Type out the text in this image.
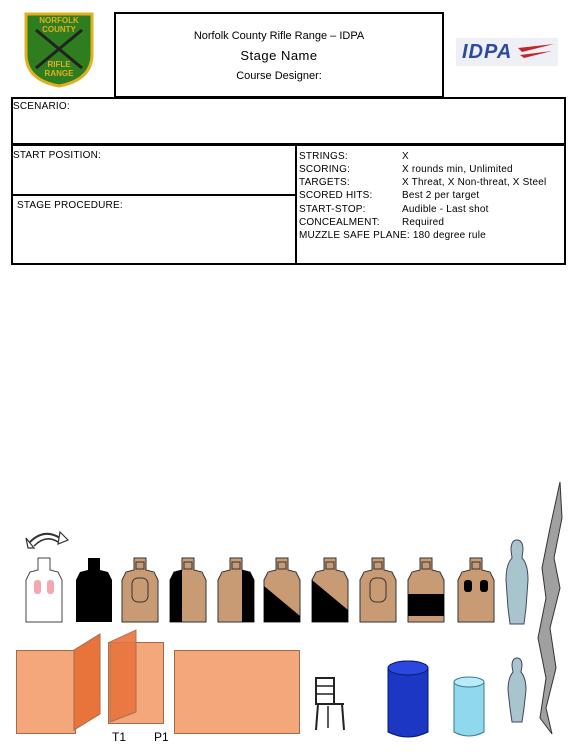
NORFOLK
COUNTY
RIFLE
RANGE
Norfolk County Rifle Range – IDPA
Stage Name
Course Designer:
IDPA
SCENARIO:
START POSITION:
STAGE PROCEDURE:
STRINGS:	X
SCORING:	X rounds min, Unlimited
TARGETS:	X Threat, X Non-threat, X Steel
SCORED HITS:	Best 2 per target
START-STOP:	Audible - Last shot
CONCEALMENT: Required
MUZZLE SAFE PLANE: 180 degree rule
T1 P1
